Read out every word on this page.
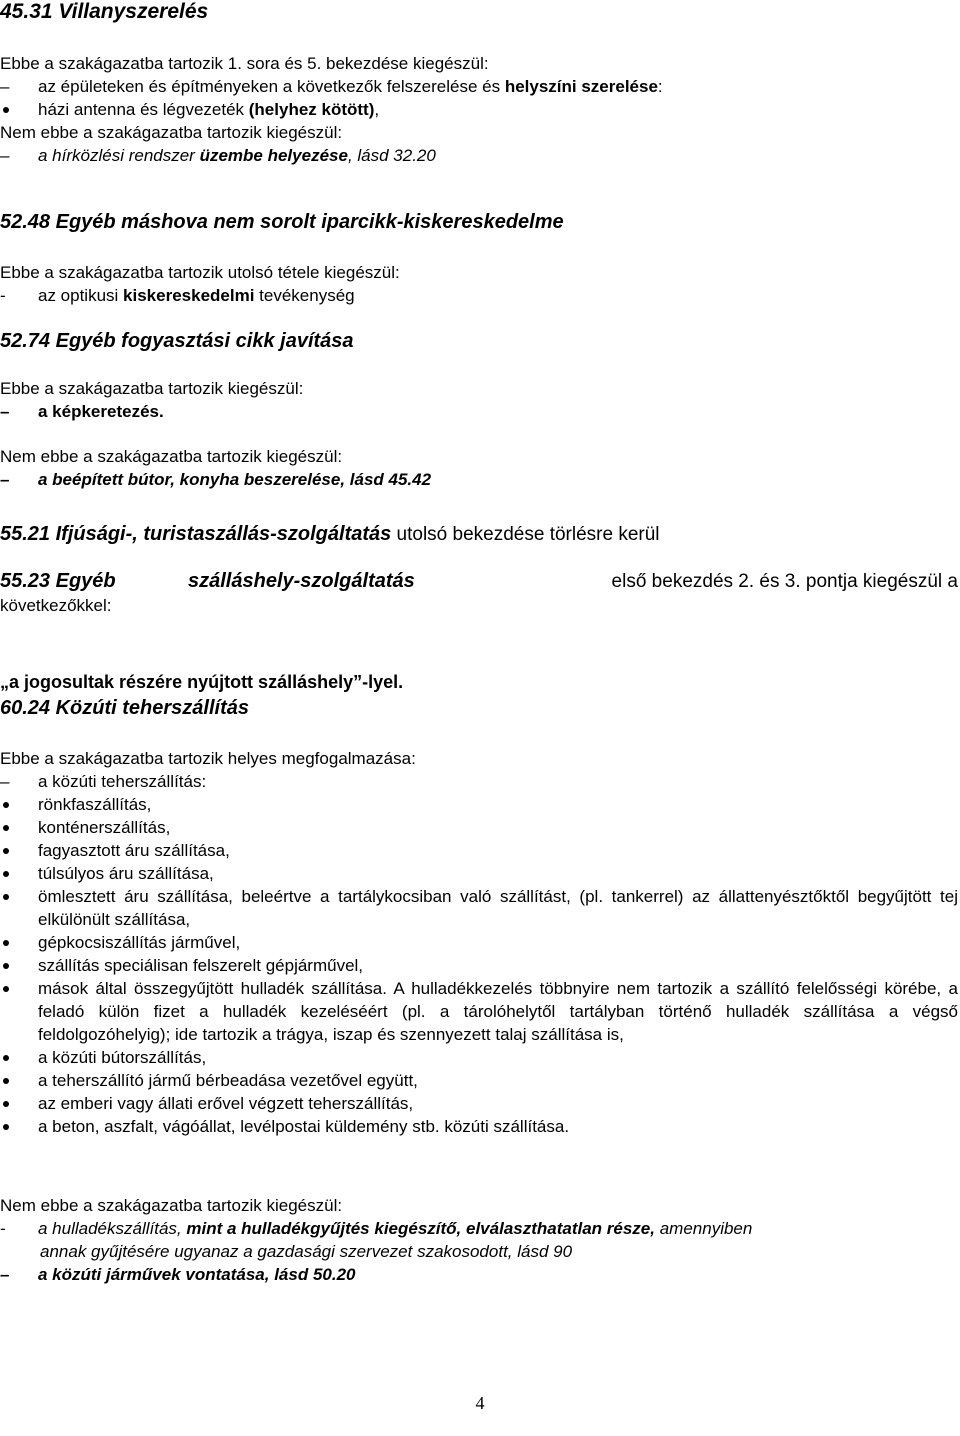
45.31 Villanyszerelés
Ebbe a szakágazatba tartozik 1. sora és 5. bekezdése kiegészül:
– az épületeken és építményeken a következők felszerelése és helyszíni szerelése:
házi antenna és légvezeték (helyhez kötött),
Nem ebbe a szakágazatba tartozik kiegészül:
– a hírközlési rendszer üzembe helyezése, lásd 32.20
52.48 Egyéb máshova nem sorolt iparcikk-kiskereskedelme
Ebbe a szakágazatba tartozik utolsó tétele kiegészül:
- az optikusi kiskereskedelmi tevékenység
52.74 Egyéb fogyasztási cikk javítása
Ebbe a szakágazatba tartozik kiegészül:
– a képkeretezés.
Nem ebbe a szakágazatba tartozik kiegészül:
– a beépített bútor, konyha beszerelése, lásd 45.42
55.21 Ifjúsági-, turistaszállás-szolgáltatás utolsó bekezdése törlésre kerül
55.23 Egyéb	szálláshely-szolgáltatás	első bekezdés 2. és 3. pontja kiegészül a
következőkkel:
„a jogosultak részére nyújtott szálláshely”-lyel.
60.24 Közúti teherszállítás
Ebbe a szakágazatba tartozik helyes megfogalmazása:
– a közúti teherszállítás:
rönkfaszállítás,
konténerszállítás,
fagyasztott áru szállítása,
túlsúlyos áru szállítása,
ömlesztett áru szállítása, beleértve a tartálykocsiban való szállítást, (pl. tankerrel) az állattenyésztőktől begyűjtött tej elkülönült szállítása,
gépkocsiszállítás járművel,
szállítás speciálisan felszerelt gépjárművel,
mások által összegyűjtött hulladék szállítása. A hulladékkezelés többnyire nem tartozik a szállító felelősségi körébe, a feladó külön fizet a hulladék kezeléséért (pl. a tárolóhelytől tartályban történő hulladék szállítása a végső feldolgozóhelyig); ide tartozik a trágya, iszap és szennyezett talaj szállítása is,
a közúti bútorszállítás,
a teherszállító jármű bérbeadása vezetővel együtt,
az emberi vagy állati erővel végzett teherszállítás,
a beton, aszfalt, vágóállat, levélpostai küldemény stb. közúti szállítása.
Nem ebbe a szakágazatba tartozik kiegészül:
- a hulladékszállítás, mint a hulladékgyűjtés kiegészítő, elválaszthatatlan része, amennyiben
annak gyűjtésére ugyanaz a gazdasági szervezet szakosodott, lásd 90
– a közúti járművek vontatása, lásd 50.20
4
